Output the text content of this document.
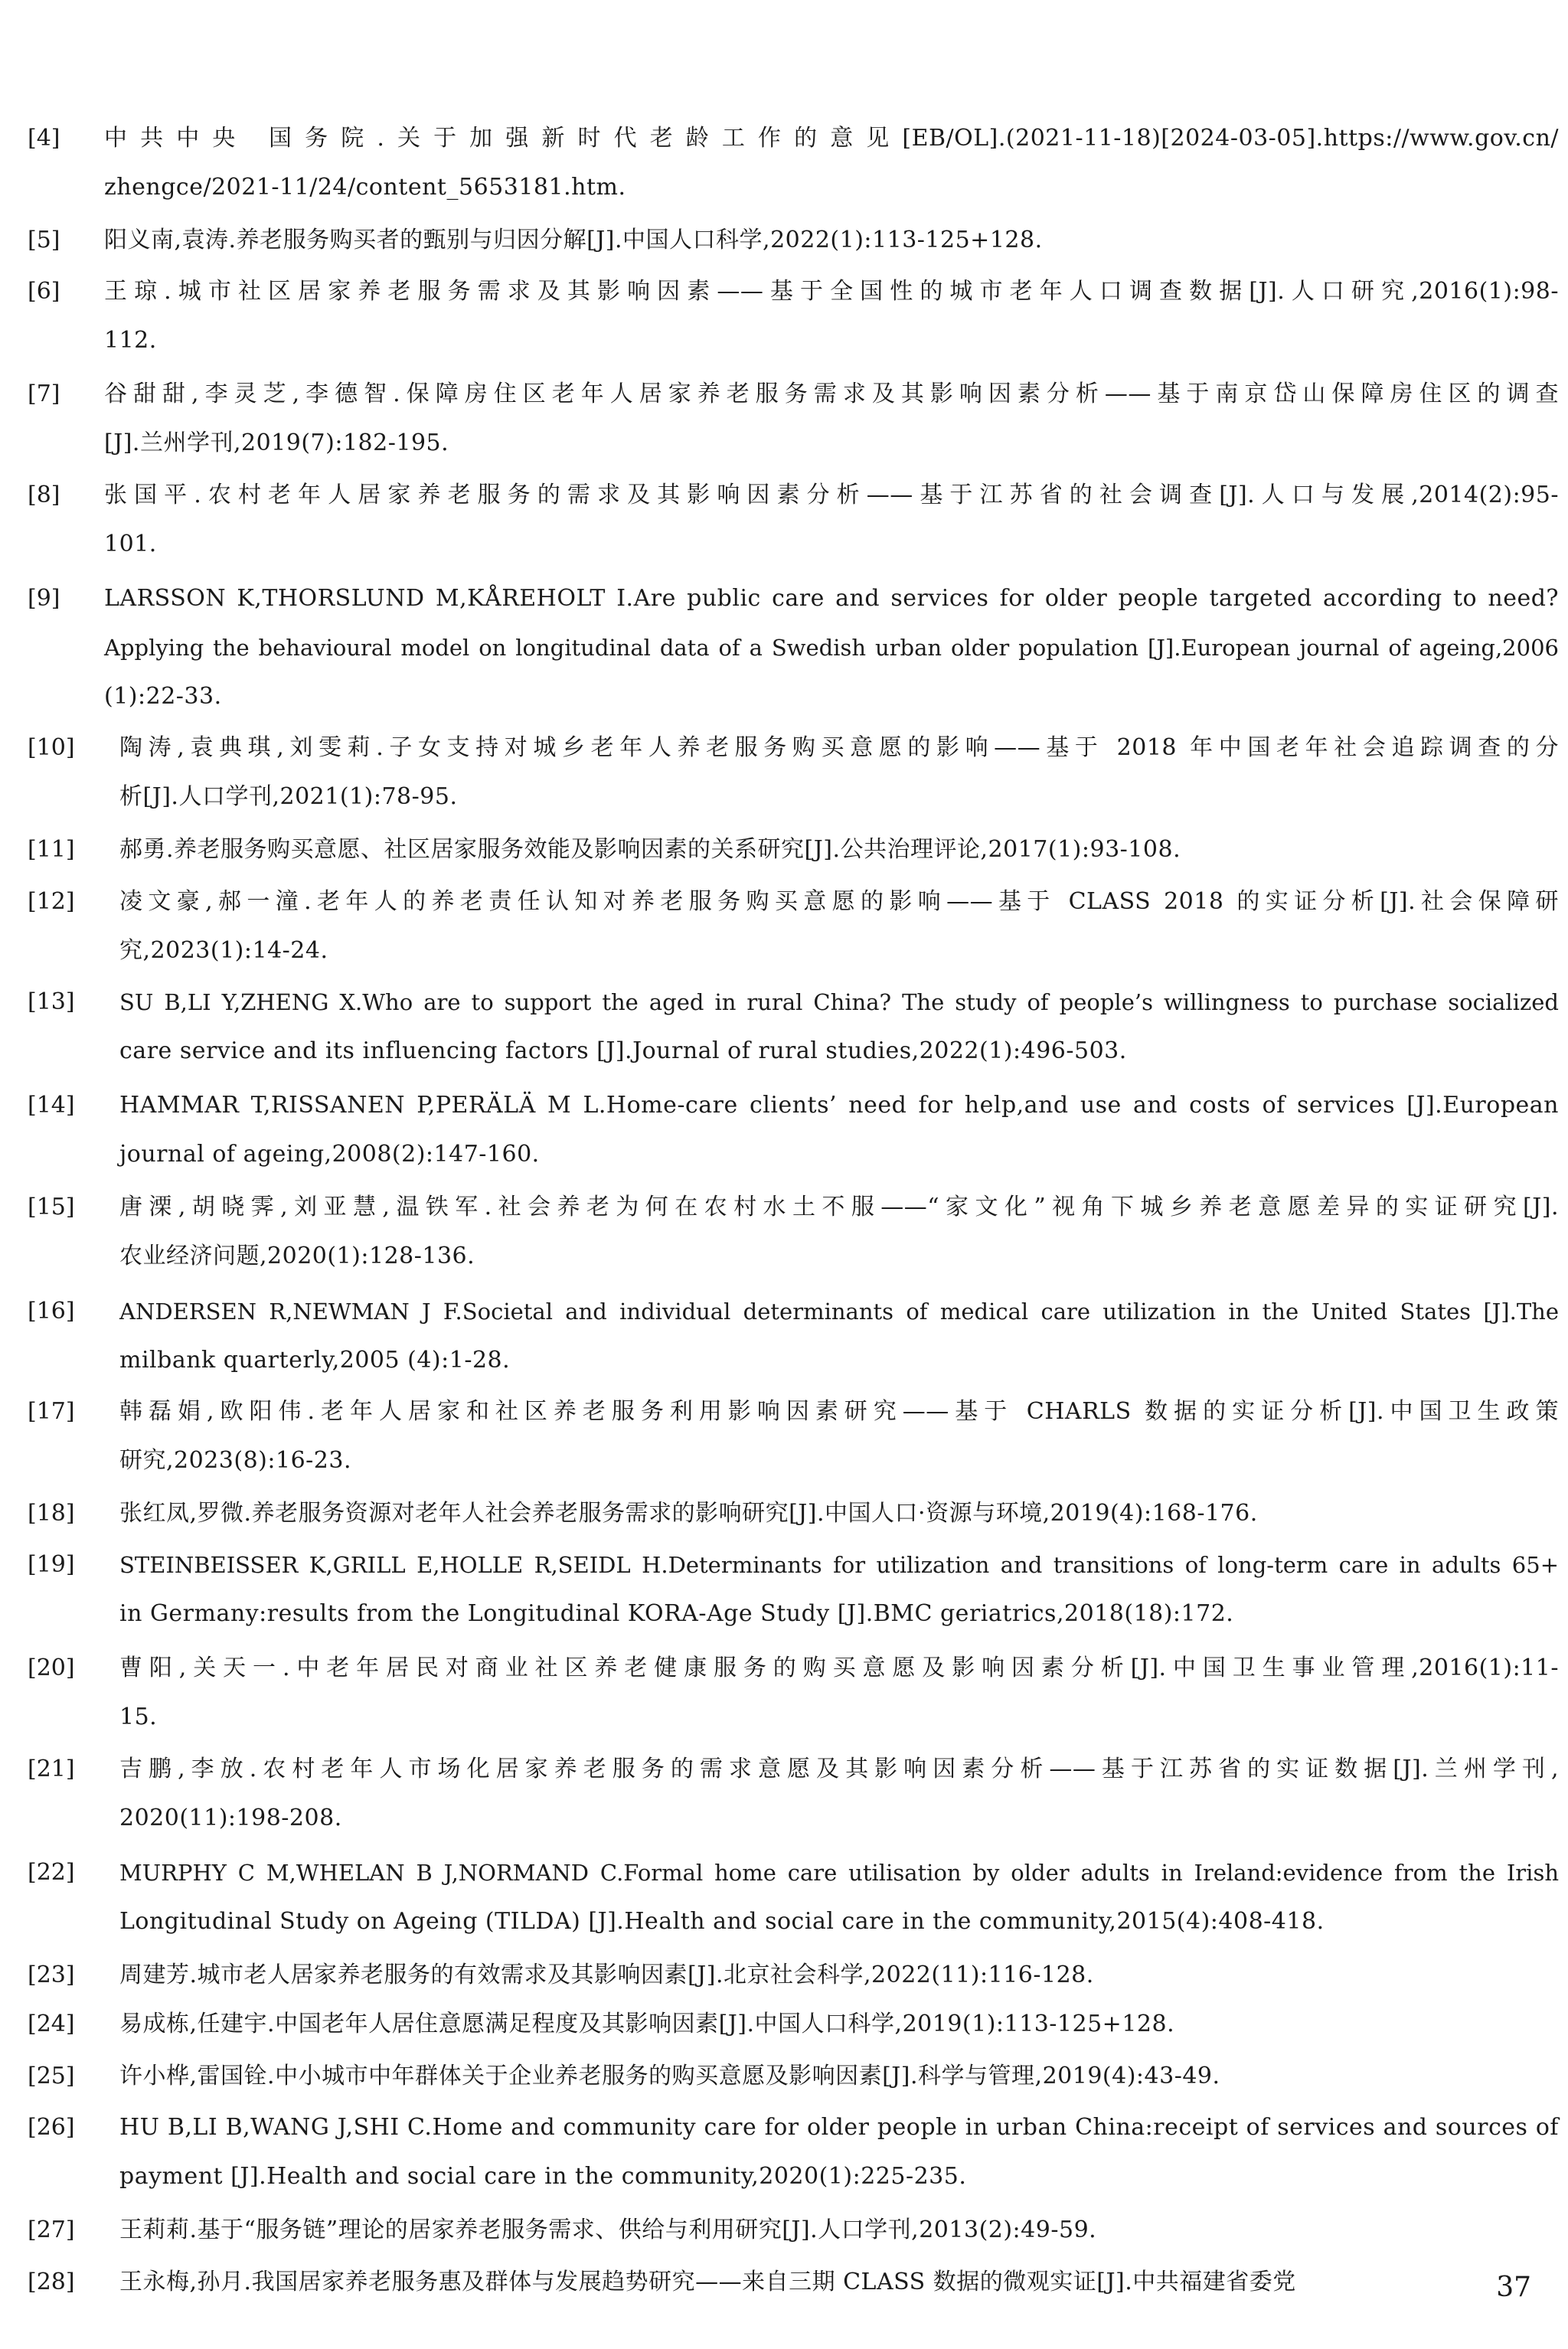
[4]	中共中央 国务院.关于加强新时代老龄工作的意见[EB/OL].(2021-11-18)[2024-03-05].https://www.gov.cn/
zhengce/2021-11/24/content_5653181.htm.
[5]	阳义南,袁涛.养老服务购买者的甄别与归因分解[J].中国人口科学,2022(1):113-125+128.
[6]	王琼.城市社区居家养老服务需求及其影响因素——基于全国性的城市老年人口调查数据[J].人口研究,2016(1):98-
112.
[7]	谷甜甜,李灵芝,李德智.保障房住区老年人居家养老服务需求及其影响因素分析——基于南京岱山保障房住区的调查
[J].兰州学刊,2019(7):182-195.
[8]	张国平.农村老年人居家养老服务的需求及其影响因素分析——基于江苏省的社会调查[J].人口与发展,2014(2):95-
101.
[9]	LARSSON K,THORSLUND M,KÅREHOLT I.Are public care and services for older people targeted according to need?
Applying the behavioural model on longitudinal data of a Swedish urban older population [J].European journal of ageing,2006
(1):22-33.
[10]	陶涛,袁典琪,刘雯莉.子女支持对城乡老年人养老服务购买意愿的影响——基于 2018 年中国老年社会追踪调查的分
析[J].人口学刊,2021(1):78-95.
[11]	郝勇.养老服务购买意愿、社区居家服务效能及影响因素的关系研究[J].公共治理评论,2017(1):93-108.
[12]	凌文豪,郝一潼.老年人的养老责任认知对养老服务购买意愿的影响——基于 CLASS 2018 的实证分析[J].社会保障研
究,2023(1):14-24.
[13]	SU B,LI Y,ZHENG X.Who are to support the aged in rural China? The study of people’s willingness to purchase socialized
care service and its influencing factors [J].Journal of rural studies,2022(1):496-503.
[14]	HAMMAR T,RISSANEN P,PERÄLÄ M L.Home-care clients’ need for help,and use and costs of services [J].European
journal of ageing,2008(2):147-160.
[15]	唐溧,胡晓霁,刘亚慧,温铁军.社会养老为何在农村水土不服——“家文化”视角下城乡养老意愿差异的实证研究[J].
农业经济问题,2020(1):128-136.
[16]	ANDERSEN R,NEWMAN J F.Societal and individual determinants of medical care utilization in the United States [J].The
milbank quarterly,2005 (4):1-28.
[17]	韩磊娟,欧阳伟.老年人居家和社区养老服务利用影响因素研究——基于 CHARLS 数据的实证分析[J].中国卫生政策
研究,2023(8):16-23.
[18]	张红凤,罗微.养老服务资源对老年人社会养老服务需求的影响研究[J].中国人口·资源与环境,2019(4):168-176.
[19]	STEINBEISSER K,GRILL E,HOLLE R,SEIDL H.Determinants for utilization and transitions of long-term care in adults 65+
in Germany:results from the Longitudinal KORA-Age Study [J].BMC geriatrics,2018(18):172.
[20]	曹阳,关天一.中老年居民对商业社区养老健康服务的购买意愿及影响因素分析[J].中国卫生事业管理,2016(1):11-
15.
[21]	吉鹏,李放.农村老年人市场化居家养老服务的需求意愿及其影响因素分析——基于江苏省的实证数据[J].兰州学刊,
2020(11):198-208.
[22]	MURPHY C M,WHELAN B J,NORMAND C.Formal home care utilisation by older adults in Ireland:evidence from the Irish
Longitudinal Study on Ageing (TILDA) [J].Health and social care in the community,2015(4):408-418.
[23]	周建芳.城市老人居家养老服务的有效需求及其影响因素[J].北京社会科学,2022(11):116-128.
[24]	易成栋,任建宇.中国老年人居住意愿满足程度及其影响因素[J].中国人口科学,2019(1):113-125+128.
[25]	许小桦,雷国铨.中小城市中年群体关于企业养老服务的购买意愿及影响因素[J].科学与管理,2019(4):43-49.
[26]	HU B,LI B,WANG J,SHI C.Home and community care for older people in urban China:receipt of services and sources of
payment [J].Health and social care in the community,2020(1):225-235.
[27]	王莉莉.基于“服务链”理论的居家养老服务需求、供给与利用研究[J].人口学刊,2013(2):49-59.
[28]	王永梅,孙月.我国居家养老服务惠及群体与发展趋势研究——来自三期 CLASS 数据的微观实证[J].中共福建省委党	37
